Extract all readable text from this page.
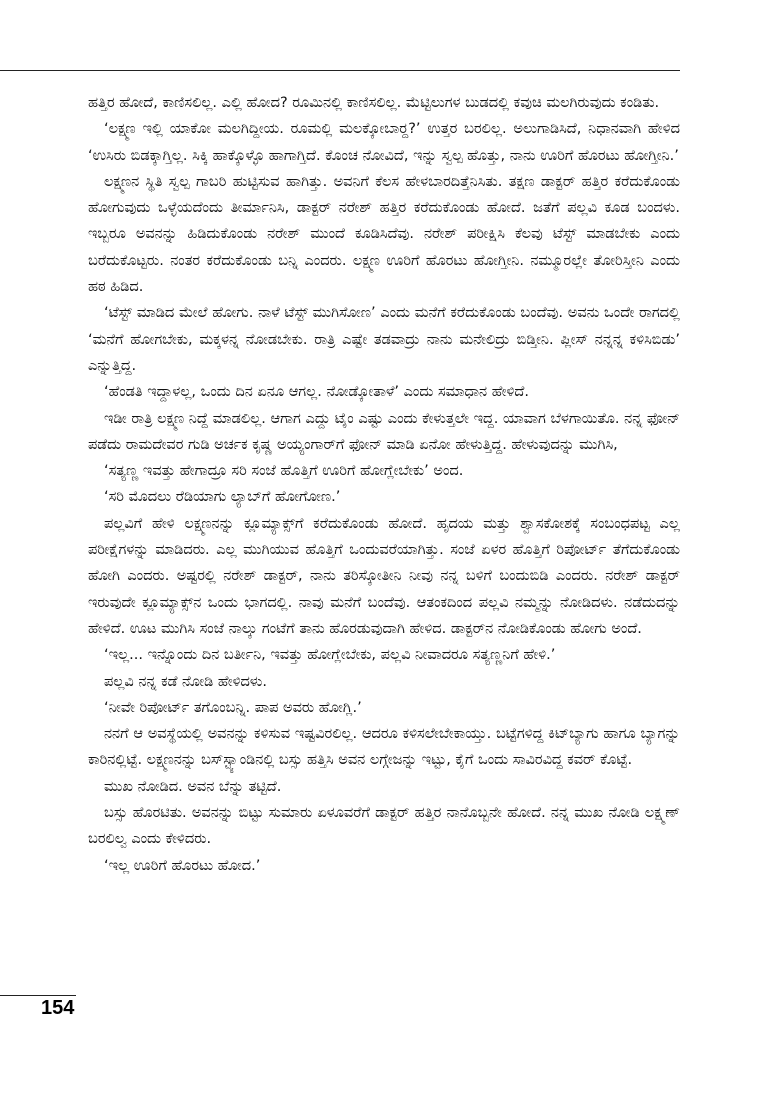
ಹತ್ತಿರ ಹೋದೆ, ಕಾಣಿಸಲಿಲ್ಲ. ಎಲ್ಲಿ ಹೋದ? ರೂಮಿನಲ್ಲಿ ಕಾಣಿಸಲಿಲ್ಲ. ಮೆಟ್ಟಿಲುಗಳ ಬುಡದಲ್ಲಿ ಕವುಚಿ ಮಲಗಿರುವುದು ಕಂಡಿತು.

‘ಲಕ್ಷ್ಮಣ ಇಲ್ಲಿ ಯಾಕೋ ಮಲಗಿದ್ದೀಯ. ರೂಮಲ್ಲಿ ಮಲಕ್ಕೋಬಾರ್‍ದ?’ ಉತ್ತರ ಬರಲಿಲ್ಲ. ಅಲುಗಾಡಿಸಿದೆ, ನಿಧಾನವಾಗಿ ಹೇಳಿದ ‘ಉಸಿರು ಬಿಡಕ್ಕಾಗ್ತಿಲ್ಲ. ಸಿಕ್ಕಿ ಹಾಕ್ಕೊಳ್ಳೊ ಹಾಗಾಗ್ತಿದೆ. ಕೊಂಚ ನೋವಿದೆ, ಇನ್ನು ಸ್ವಲ್ಪ ಹೊತ್ತು, ನಾನು ಊರಿಗೆ ಹೊರಟು ಹೋಗ್ತೀನಿ.’

ಲಕ್ಷ್ಮಣನ ಸ್ಥಿತಿ ಸ್ವಲ್ಪ ಗಾಬರಿ ಹುಟ್ಟಿಸುವ ಹಾಗಿತ್ತು. ಅವನಿಗೆ ಕೆಲಸ ಹೇಳಬಾರದಿತ್ತೆನಿಸಿತು. ತಕ್ಷಣ ಡಾಕ್ಟರ್ ಹತ್ತಿರ ಕರೆದುಕೊಂಡು ಹೋಗುವುದು ಒಳ್ಳೆಯದೆಂದು ತೀರ್ಮಾನಿಸಿ, ಡಾಕ್ಟರ್ ನರೇಶ್ ಹತ್ತಿರ ಕರೆದುಕೊಂಡು ಹೋದೆ. ಜತೆಗೆ ಪಲ್ಲವಿ ಕೂಡ ಬಂದಳು. ಇಬ್ಬರೂ ಅವನನ್ನು ಹಿಡಿದುಕೊಂಡು ನರೇಶ್ ಮುಂದೆ ಕೂಡಿಸಿದೆವು. ನರೇಶ್ ಪರೀಕ್ಷಿಸಿ ಕೆಲವು ಟೆಸ್ಟ್ ಮಾಡಬೇಕು ಎಂದು ಬರೆದುಕೊಟ್ಟರು. ನಂತರ ಕರೆದುಕೊಂಡು ಬನ್ನಿ ಎಂದರು. ಲಕ್ಷ್ಮಣ ಊರಿಗೆ ಹೊರಟು ಹೋಗ್ತೀನಿ. ನಮ್ಮೂರಲ್ಲೇ ತೋರಿಸ್ತೀನಿ ಎಂದು ಹಠ ಹಿಡಿದ.

‘ಟೆಸ್ಟ್ ಮಾಡಿದ ಮೇಲೆ ಹೋಗು. ನಾಳೆ ಟೆಸ್ಟ್ ಮುಗಿಸೋಣ’ ಎಂದು ಮನೆಗೆ ಕರೆದುಕೊಂಡು ಬಂದೆವು. ಅವನು ಒಂದೇ ರಾಗದಲ್ಲಿ ‘ಮನೆಗೆ ಹೋಗಬೇಕು, ಮಕ್ಕಳನ್ನ ನೋಡಬೇಕು. ರಾತ್ರಿ ಎಷ್ಟೇ ತಡವಾದ್ರು ನಾನು ಮನೇಲಿದ್ರು ಬಿಡ್ತೀನಿ. ಪ್ಲೀಸ್ ನನ್ನನ್ನ ಕಳಿಸಿಬಿಡು’ ಎನ್ನುತ್ತಿದ್ದ.

‘ಹೆಂಡತಿ ಇದ್ದಾಳಲ್ಲ, ಒಂದು ದಿನ ಏನೂ ಆಗಲ್ಲ. ನೋಡ್ಕೋತಾಳೆ’ ಎಂದು ಸಮಾಧಾನ ಹೇಳಿದೆ.

ಇಡೀ ರಾತ್ರಿ ಲಕ್ಷ್ಮಣ ನಿದ್ದೆ ಮಾಡಲಿಲ್ಲ. ಆಗಾಗ ಎದ್ದು ಟೈಂ ಎಷ್ಟು ಎಂದು ಕೇಳುತ್ತಲೇ ಇದ್ದ. ಯಾವಾಗ ಬೆಳಗಾಯಿತೊ. ನನ್ನ ಫೋನ್ ಪಡೆದು ರಾಮದೇವರ ಗುಡಿ ಅರ್ಚಕ ಕೃಷ್ಣ ಅಯ್ಯಂಗಾರ್‌ಗೆ ಫೋನ್ ಮಾಡಿ ಏನೋ ಹೇಳುತ್ತಿದ್ದ. ಹೇಳುವುದನ್ನು ಮುಗಿಸಿ,

‘ಸತ್ಯಣ್ಣ ಇವತ್ತು ಹೇಗಾದ್ರೂ ಸರಿ ಸಂಜೆ ಹೊತ್ತಿಗೆ ಊರಿಗೆ ಹೋಗ್ಲೇಬೇಕು’ ಅಂದ.

‘ಸರಿ ಮೊದಲು ರೆಡಿಯಾಗು ಲ್ಯಾಬ್‌ಗೆ ಹೋಗೋಣ.’

ಪಲ್ಲವಿಗೆ ಹೇಳಿ ಲಕ್ಷ್ಮಣನನ್ನು ಕ್ಲೂಮ್ಯಾಕ್ಸ್‌ಗೆ ಕರೆದುಕೊಂಡು ಹೋದೆ. ಹೃದಯ ಮತ್ತು ಶ್ವಾಸಕೋಶಕ್ಕೆ ಸಂಬಂಧಪಟ್ಟ ಎಲ್ಲ ಪರೀಕ್ಷೆಗಳನ್ನು ಮಾಡಿದರು. ಎಲ್ಲ ಮುಗಿಯುವ ಹೊತ್ತಿಗೆ ಒಂದುವರೆಯಾಗಿತ್ತು. ಸಂಜೆ ಏಳರ ಹೊತ್ತಿಗೆ ರಿಪೋರ್ಟ್ ತೆಗೆದುಕೊಂಡು ಹೋಗಿ ಎಂದರು. ಅಷ್ಟರಲ್ಲಿ ನರೇಶ್ ಡಾಕ್ಟರ್, ನಾನು ತರಿಸ್ಕೋತೀನಿ ನೀವು ನನ್ನ ಬಳಿಗೆ ಬಂದುಬಿಡಿ ಎಂದರು. ನರೇಶ್ ಡಾಕ್ಟರ್ ಇರುವುದೇ ಕ್ಲೂಮ್ಯಾಕ್ಸ್‌ನ ಒಂದು ಭಾಗದಲ್ಲಿ. ನಾವು ಮನೆಗೆ ಬಂದೆವು. ಆತಂಕದಿಂದ ಪಲ್ಲವಿ ನಮ್ಮನ್ನು ನೋಡಿದಳು. ನಡೆದುದನ್ನು ಹೇಳಿದೆ. ಊಟ ಮುಗಿಸಿ ಸಂಜೆ ನಾಲ್ಕು ಗಂಟೆಗೆ ತಾನು ಹೊರಡುವುದಾಗಿ ಹೇಳಿದ. ಡಾಕ್ಟರ್‌ನ ನೋಡಿಕೊಂಡು ಹೋಗು ಅಂದೆ.

‘ಇಲ್ಲ... ಇನ್ನೊಂದು ದಿನ ಬರ್ತೀನಿ, ಇವತ್ತು ಹೋಗ್ಲೇಬೇಕು, ಪಲ್ಲವಿ ನೀವಾದರೂ ಸತ್ಯಣ್ಣನಿಗೆ ಹೇಳಿ.’

ಪಲ್ಲವಿ ನನ್ನ ಕಡೆ ನೋಡಿ ಹೇಳಿದಳು.

‘ನೀವೇ ರಿಪೋರ್ಟ್ ತಗೊಂಬನ್ನಿ. ಪಾಪ ಅವರು ಹೋಗ್ಲಿ.’

ನನಗೆ ಆ ಅವಸ್ಥೆಯಲ್ಲಿ ಅವನನ್ನು ಕಳಿಸುವ ಇಷ್ಟವಿರಲಿಲ್ಲ. ಆದರೂ ಕಳಿಸಲೇಬೇಕಾಯ್ತು. ಬಟ್ಟೆಗಳಿದ್ದ ಕಿಟ್‌ಬ್ಯಾಗು ಹಾಗೂ ಬ್ಯಾಗನ್ನು ಕಾರಿನಲ್ಲಿಟ್ಟೆ. ಲಕ್ಷ್ಮಣನನ್ನು ಬಸ್‌ಸ್ಟ್ಯಾಂಡಿನಲ್ಲಿ ಬಸ್ಸು ಹತ್ತಿಸಿ ಅವನ ಲಗ್ಗೇಜನ್ನು ಇಟ್ಟು, ಕೈಗೆ ಒಂದು ಸಾವಿರವಿದ್ದ ಕವರ್ ಕೊಟ್ಟೆ.

ಮುಖ ನೋಡಿದ. ಅವನ ಬೆನ್ನು ತಟ್ಟಿದೆ.

ಬಸ್ಸು ಹೊರಟಿತು. ಅವನನ್ನು ಬಿಟ್ಟು ಸುಮಾರು ಏಳೂವರೆಗೆ ಡಾಕ್ಟರ್ ಹತ್ತಿರ ನಾನೊಬ್ಬನೇ ಹೋದೆ. ನನ್ನ ಮುಖ ನೋಡಿ ಲಕ್ಷ್ಮಣ್ ಬರಲಿಲ್ವ ಎಂದು ಕೇಳಿದರು.

‘ಇಲ್ಲ ಊರಿಗೆ ಹೊರಟು ಹೋದ.’

154
